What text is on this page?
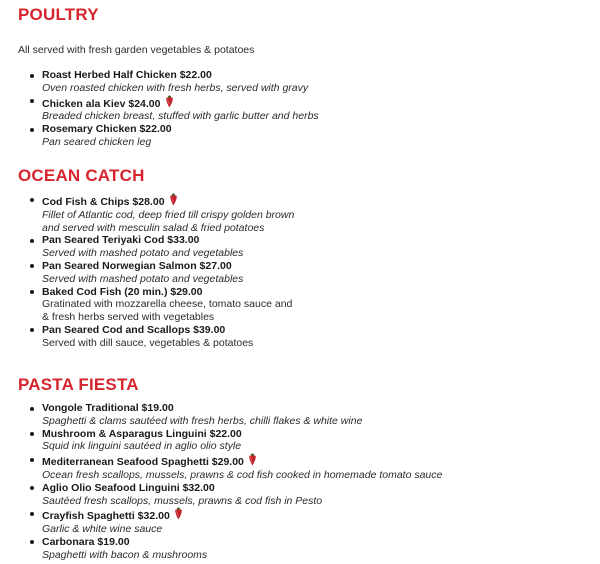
POULTRY

All served with fresh garden vegetables & potatoes

Roast Herbed Half Chicken $22.00
Oven roasted chicken with fresh herbs, served with gravy
Chicken ala Kiev $24.00
Breaded chicken breast, stuffed with garlic butter and herbs
Rosemary Chicken $22.00
Pan seared chicken leg
OCEAN CATCH
Cod Fish & Chips $28.00
Fillet of Atlantic cod, deep fried till crispy golden brown
and served with mesculin salad & fried potatoes
Pan Seared Teriyaki Cod $33.00
Served with mashed potato and vegetables
Pan Seared Norwegian Salmon $27.00
Served with mashed potato and vegetables
Baked Cod Fish (20 min.) $29.00
Gratinated with mozzarella cheese, tomato sauce and
& fresh herbs served with vegetables
Pan Seared Cod and Scallops $39.00
Served with dill sauce, vegetables & potatoes
PASTA FIESTA
Vongole Traditional $19.00
Spaghetti & clams sautéed with fresh herbs, chilli flakes & white wine
Mushroom & Asparagus Linguini $22.00
Squid ink linguini sautéed in aglio olio style
Mediterranean Seafood Spaghetti $29.00
Ocean fresh scallops, mussels, prawns & cod fish cooked in homemade tomato sauce
Aglio Olio Seafood Linguini $32.00
Sautéed fresh scallops, mussels, prawns & cod fish in Pesto
Crayfish Spaghetti $32.00
Garlic & white wine sauce
Carbonara $19.00
Spaghetti with bacon & mushrooms
